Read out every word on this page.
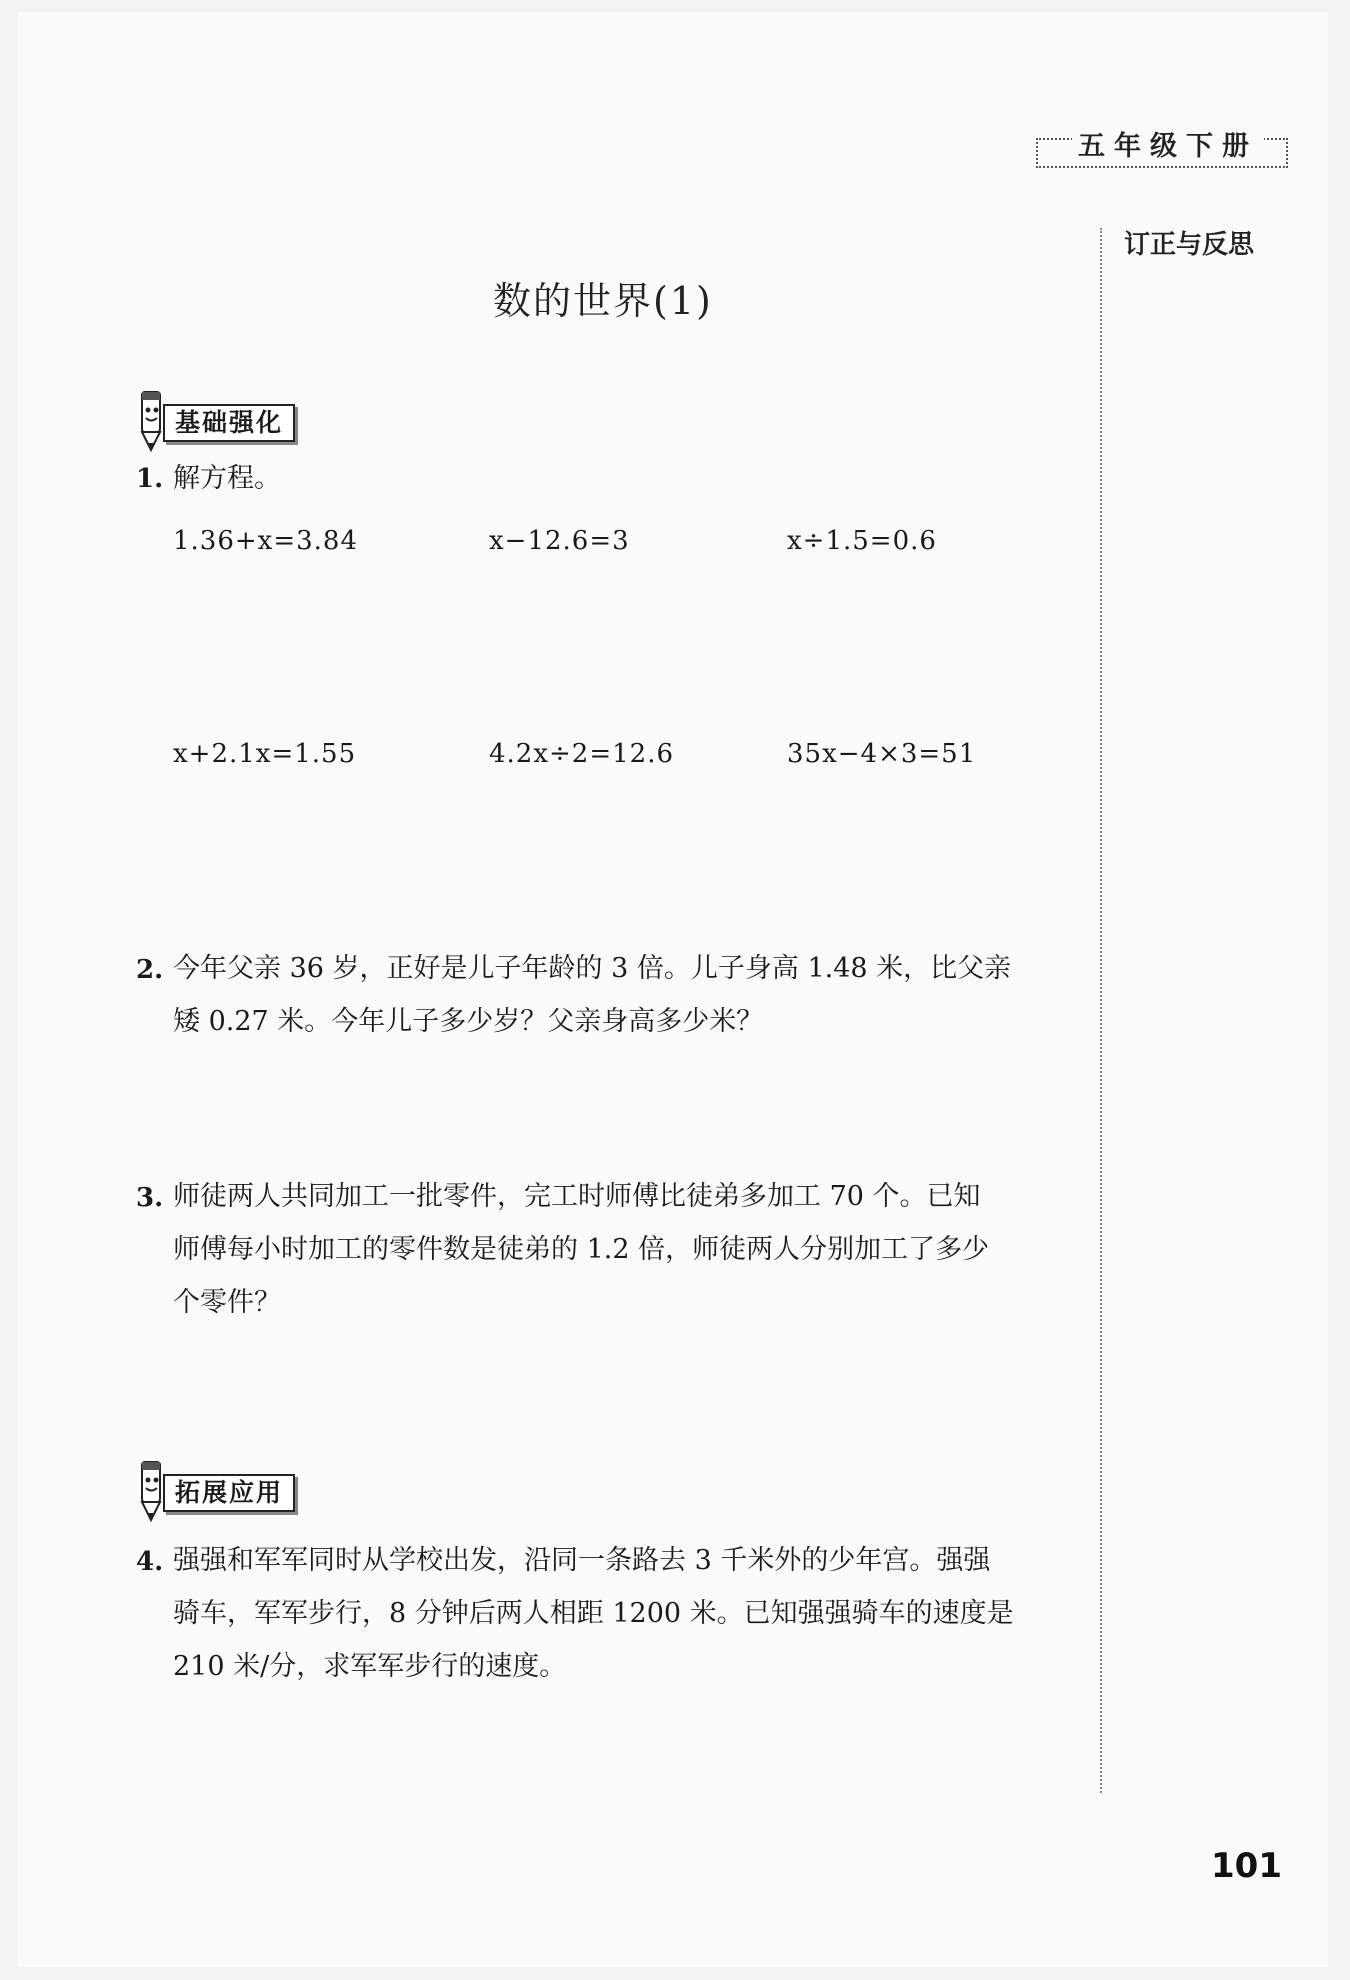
五年级下册
订正与反思
数的世界(1)
基础强化
1. 解方程。
1.36+x=3.84	x−12.6=3	x÷1.5=0.6
x+2.1x=1.55	4.2x÷2=12.6	35x−4×3=51
2. 今年父亲 36 岁，正好是儿子年龄的 3 倍。儿子身高 1.48 米，比父亲
矮 0.27 米。今年儿子多少岁？父亲身高多少米？
3. 师徒两人共同加工一批零件，完工时师傅比徒弟多加工 70 个。已知
师傅每小时加工的零件数是徒弟的 1.2 倍，师徒两人分别加工了多少
个零件？
拓展应用
4. 强强和军军同时从学校出发，沿同一条路去 3 千米外的少年宫。强强
骑车，军军步行，8 分钟后两人相距 1200 米。已知强强骑车的速度是
210 米/分，求军军步行的速度。
101
